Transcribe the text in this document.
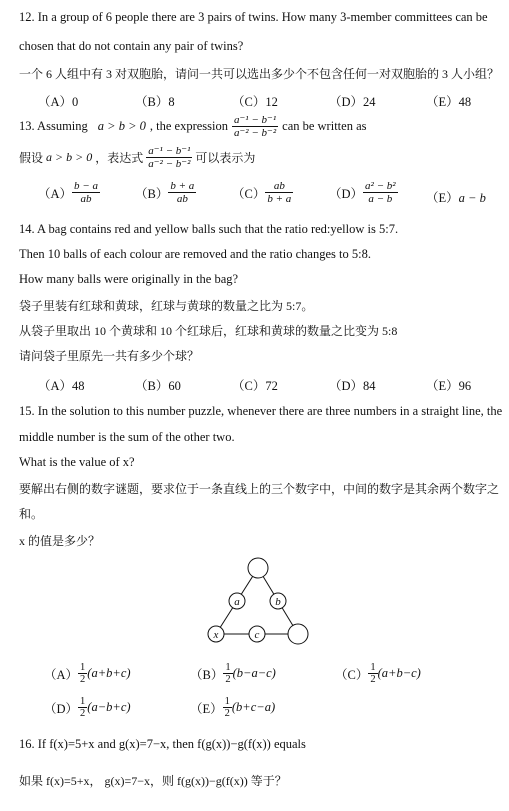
12. In a group of 6 people there are 3 pairs of twins. How many 3-member committees can be
chosen that do not contain any pair of twins?
一个 6 人组中有 3 对双胞胎，请问一共可以选出多少个不包含任何一对双胞胎的 3 人小组？
（A）0	（B）8	（C）12	（D）24	（E）48
13. Assuming a > b > 0 , the expression $\frac{\text{a⁻¹ − b⁻¹}}{\text{a⁻² − b⁻²}}$ can be written as
假设 a > b > 0 ，表达式 $\frac{\text{a⁻¹ − b⁻¹}}{\text{a⁻² − b⁻²}}$ 可以表示为
$(A) \frac{b - a}{ab}$	$(B) \frac{b + a}{ab}$	$(C) \frac{ab}{b + a}$	$(D) \frac{\text{a² − b²}}{a - b} (E)a - b$
14. A bag contains red and yellow balls such that the ratio red:yellow is 5:7.
Then 10 balls of each colour are removed and the ratio changes to 5:8.
How many balls were originally in the bag?
袋子里装有红球和黄球，红球与黄球的数量之比为 5:7。
从袋子里取出 10 个黄球和 10 个红球后，红球和黄球的数量之比变为 5:8
请问袋子里原先一共有多少个球？
（A）48	（B）60	（C）72	（D）84	（E）96
15. In the solution to this number puzzle, whenever there are three numbers in a straight line, the
middle number is the sum of the other two.
What is the value of x?
要解出右侧的数字谜题，要求位于一条直线上的三个数字中，中间的数字是其余两个数字之
和。
x 的值是多少？
a	b
x	c
$(A) \frac{1}{2} (a+b+c)$	$(B) \frac{1}{2} (b-a-c)$	$(C) \frac{1}{2} (a+b-c)$
$(D) \frac{1}{2} (a-b+c)$	$(E) \frac{1}{2} (b+c-a)$
16. If f(x)=5+x and g(x)=7−x, then f(g(x))−g(f(x)) equals
如果 f(x)=5+x， g(x)=7−x，则 f(g(x))−g(f(x)) 等于？
